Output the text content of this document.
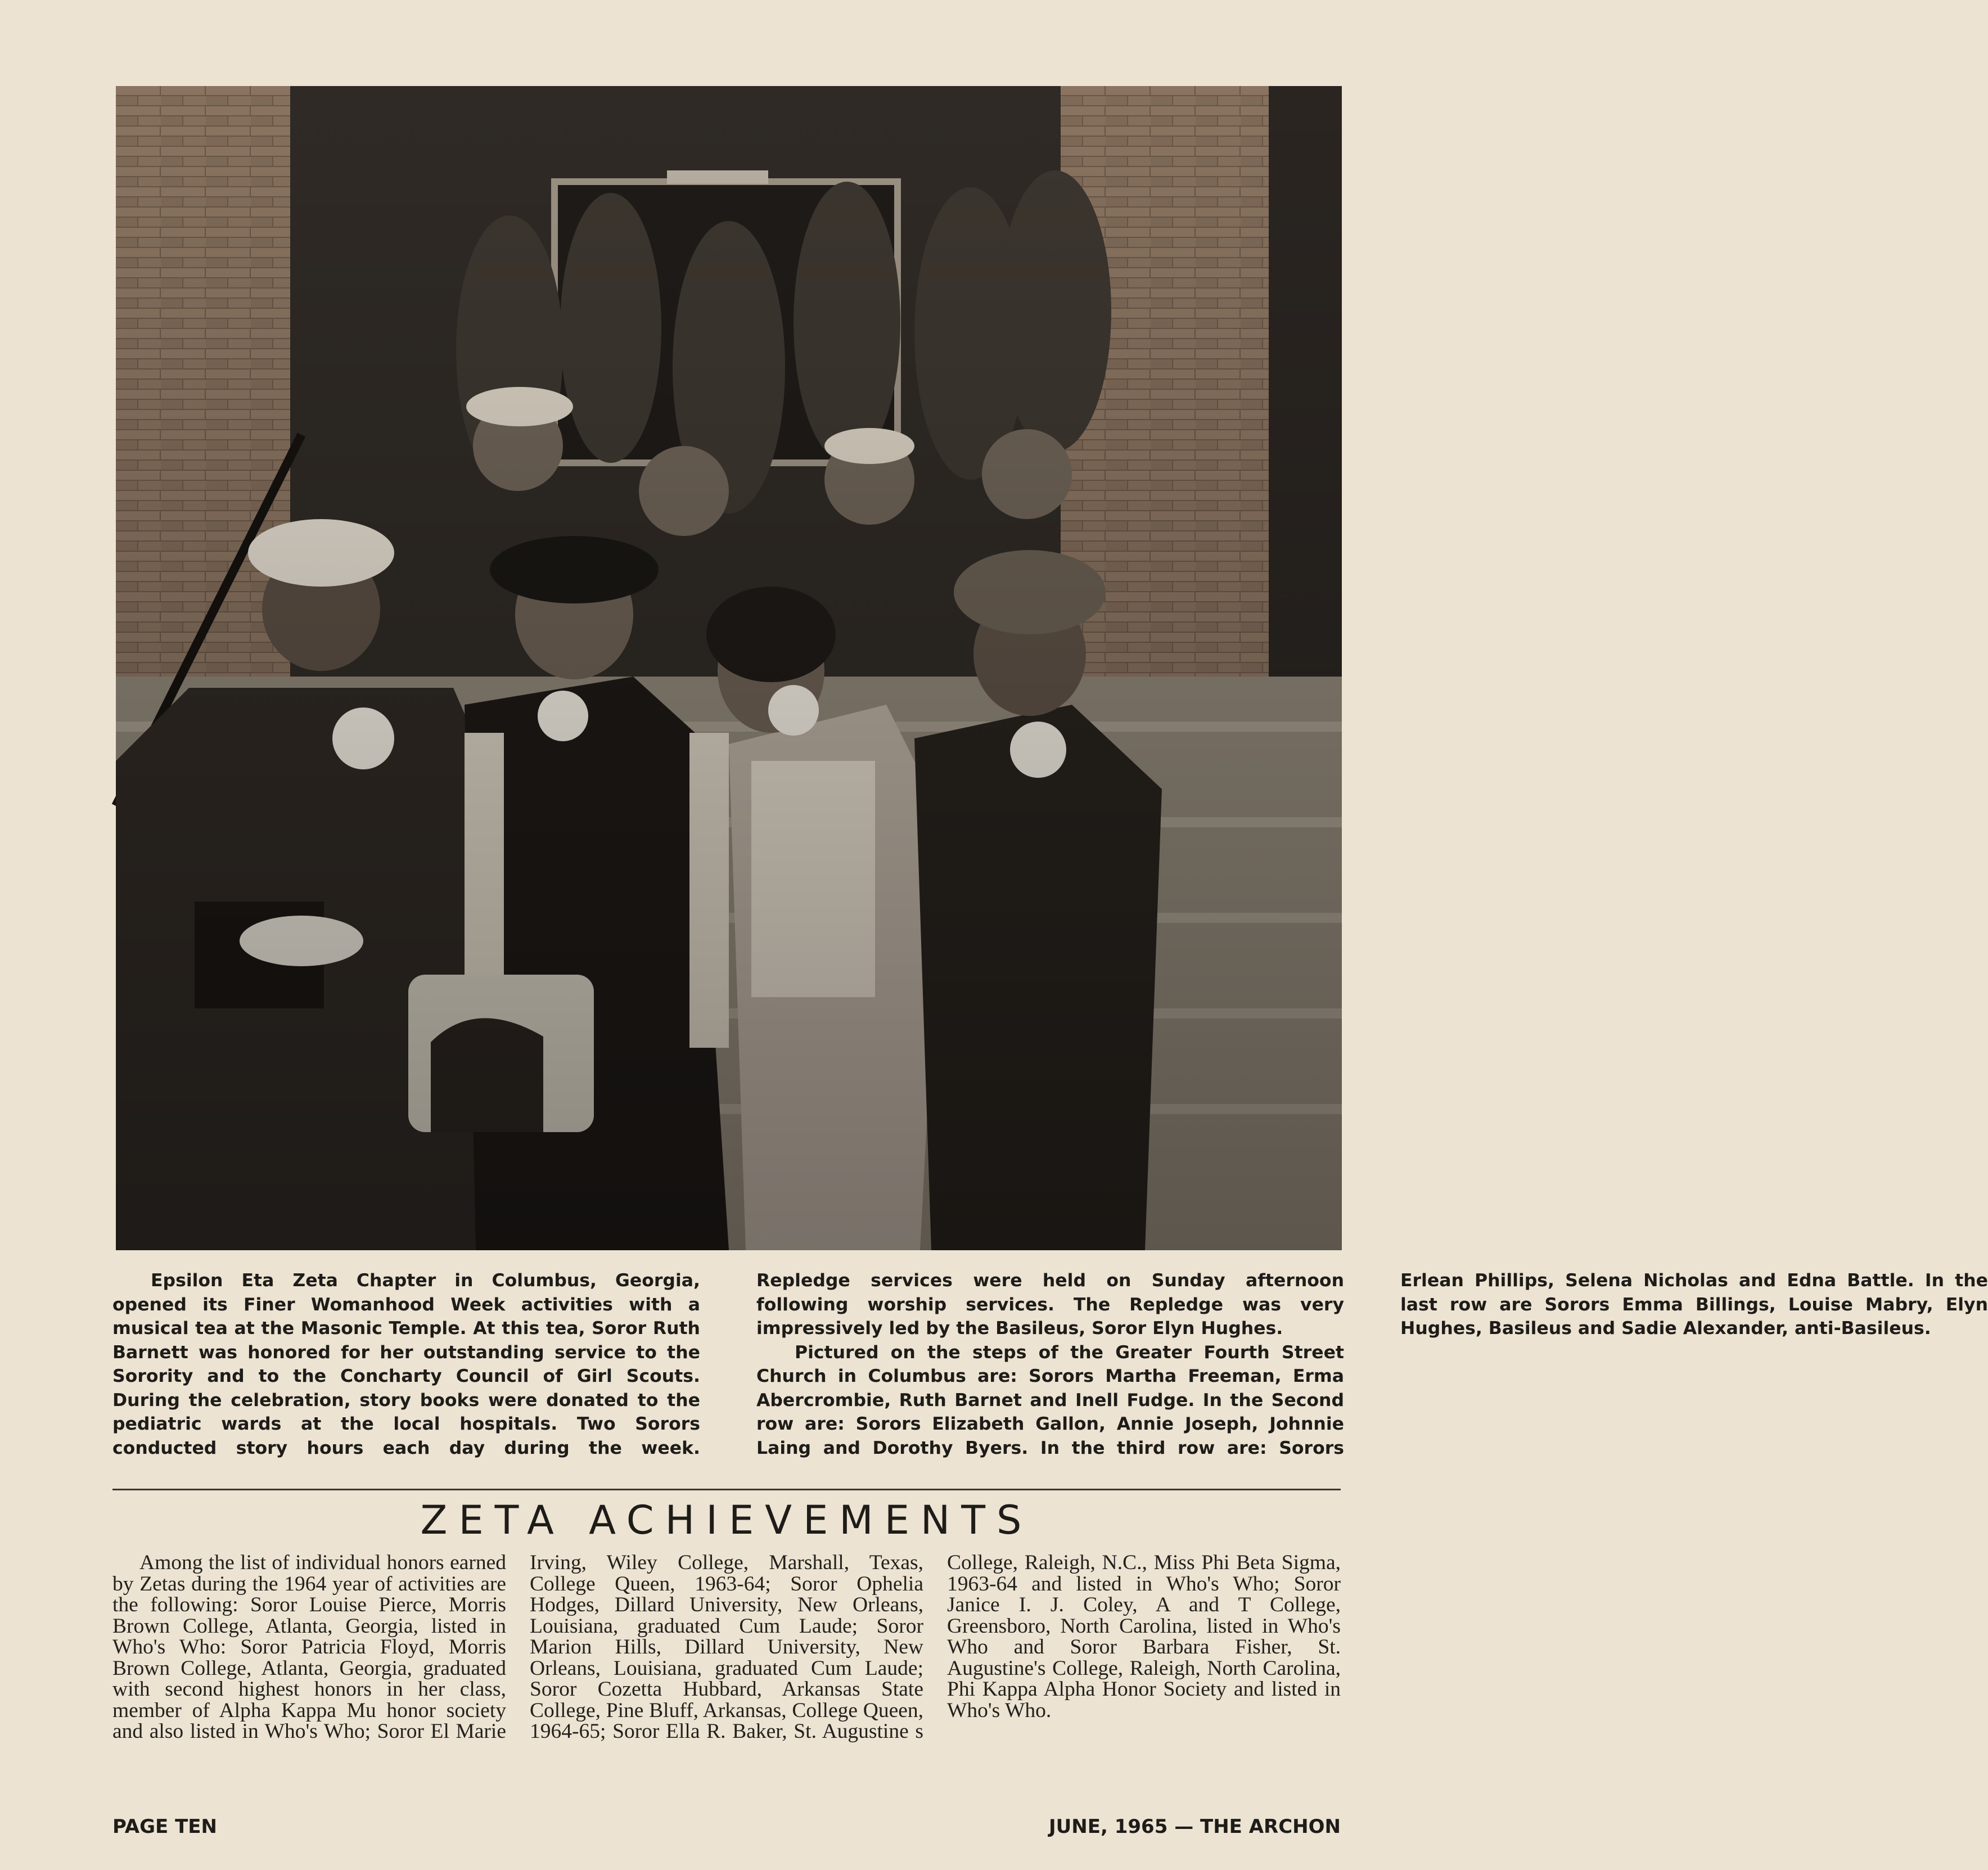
Epsilon Eta Zeta Chapter in Columbus, Georgia, opened its Finer Womanhood Week activities with a musical tea at the Masonic Temple. At this tea, Soror Ruth Barnett was honored for her outstanding service to the Sorority and to the Concharty Council of Girl Scouts. During the celebration, story books were donated to the pediatric wards at the local hospitals. Two Sorors conducted story hours each day during the week. Repledge services were held on Sunday afternoon following worship services. The Repledge was very impressively led by the Basileus, Soror Elyn Hughes.

Pictured on the steps of the Greater Fourth Street Church in Columbus are: Sorors Martha Freeman, Erma Abercrombie, Ruth Barnet and Inell Fudge. In the Second row are: Sorors Elizabeth Gallon, Annie Joseph, Johnnie Laing and Dorothy Byers. In the third row are: Sorors Erlean Phillips, Selena Nicholas and Edna Battle. In the last row are Sorors Emma Billings, Louise Mabry, Elyn Hughes, Basileus and Sadie Alexander, anti-Basileus.

ZETA ACHIEVEMENTS

Among the list of individual honors earned by Zetas during the 1964 year of activities are the following: Soror Louise Pierce, Morris Brown College, Atlanta, Georgia, listed in Who's Who: Soror Patricia Floyd, Morris Brown College, Atlanta, Georgia, graduated with second highest honors in her class, member of Alpha Kappa Mu honor society and also listed in Who's Who; Soror El Marie Irving, Wiley College, Marshall, Texas, College Queen, 1963-64; Soror Ophelia Hodges, Dillard University, New Orleans, Louisiana, graduated Cum Laude; Soror Marion Hills, Dillard University, New Orleans, Louisiana, graduated Cum Laude; Soror Cozetta Hubbard, Arkansas State College, Pine Bluff, Arkansas, College Queen, 1964-65; Soror Ella R. Baker, St. Augustine s College, Raleigh, N.C., Miss Phi Beta Sigma, 1963-64 and listed in Who's Who; Soror Janice I. J. Coley, A and T College, Greensboro, North Carolina, listed in Who's Who and Soror Barbara Fisher, St. Augustine's College, Raleigh, North Carolina, Phi Kappa Alpha Honor Society and listed in Who's Who.

PAGE TEN	JUNE, 1965 — THE ARCHON
